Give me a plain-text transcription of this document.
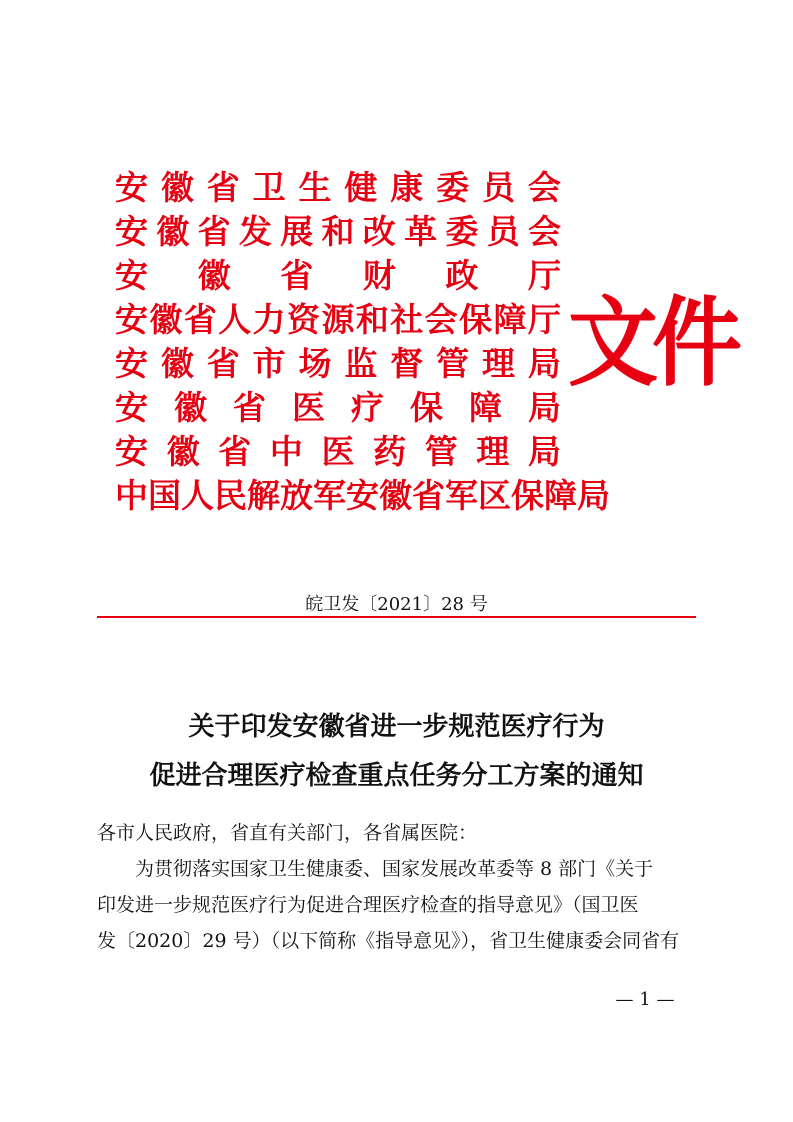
安 徽 省 卫 生 健 康 委 员 会
安 徽 省 发 展 和 改 革 委 员 会
安 徽 省 财 政 厅
安 徽 省 人 力 资 源 和 社 会 保 障 厅
安 徽 省 市 场 监 督 管 理 局
安 徽 省 医 疗 保 障 局
安 徽 省 中 医 药 管 理 局
中 国 人 民 解 放 军 安 徽 省 军 区 保 障 局
文件
皖卫发〔2021〕28 号
关于印发安徽省进一步规范医疗行为
促进合理医疗检查重点任务分工方案的通知
各市人民政府，省直有关部门，各省属医院：
为贯彻落实国家卫生健康委、国家发展改革委等 8 部门《关于
印发进一步规范医疗行为促进合理医疗检查的指导意见》（国卫医
发〔2020〕29 号）（以下简称《指导意见》），省卫生健康委会同省有
— 1 —
